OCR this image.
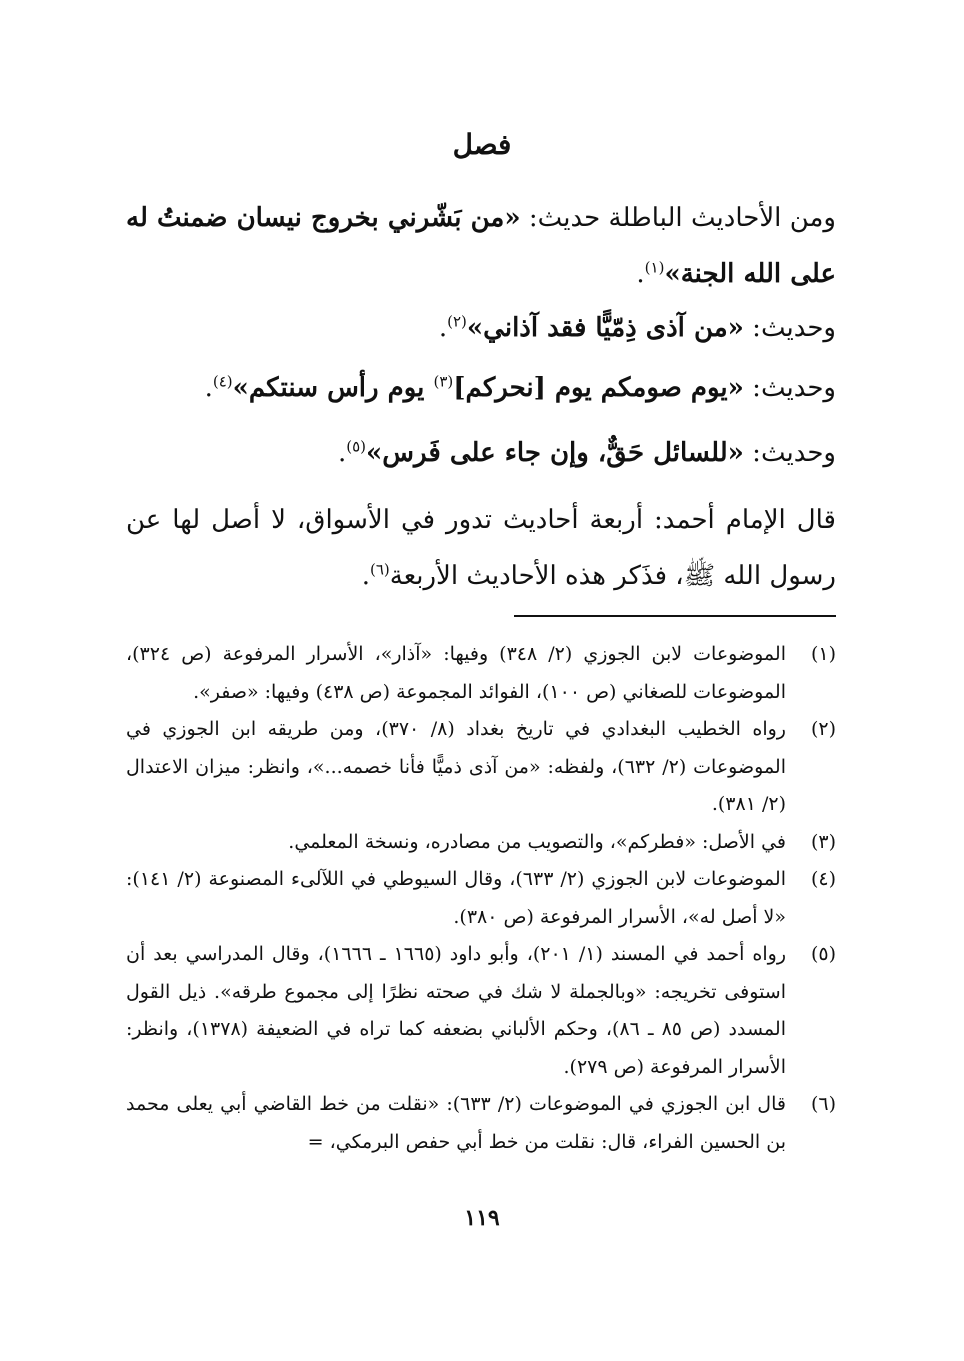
فصل

ومن الأحاديث الباطلة حديث: «من بَشّرني بخروج نيسان ضمنتُ له على الله الجنة»$^{(١)}$.

وحديث: «من آذى ذِمّيًّا فقد آذاني»$^{(٢)}$.

وحديث: «يوم صومكم يوم [نحركم]$^{(٣)}$ يوم رأس سنتكم»$^{(٤)}$.

وحديث: «للسائل حَقٌّ، وإن جاء على فَرس»$^{(٥)}$.

قال الإمام أحمد: أربعة أحاديث تدور في الأسواق، لا أصل لها عن رسول الله ﷺ، فذَكر هذه الأحاديث الأربعة$^{(٦)}$.

(١)
الموضوعات لابن الجوزي (٢/ ٣٤٨) وفيها: «آذار»، الأسرار المرفوعة (ص ٣٢٤)، الموضوعات للصغاني (ص ١٠٠)، الفوائد المجموعة (ص ٤٣٨) وفيها: «صفر».
(٢)
رواه الخطيب البغدادي في تاريخ بغداد (٨/ ٣٧٠)، ومن طريقه ابن الجوزي في الموضوعات (٢/ ٦٣٢)، ولفظه: «من آذى ذميًّا فأنا خصمه...»، وانظر: ميزان الاعتدال (٢/ ٣٨١).
(٣)
في الأصل: «فطركم»، والتصويب من مصادره، ونسخة المعلمي.
(٤)
الموضوعات لابن الجوزي (٢/ ٦٣٣)، وقال السيوطي في اللآلىء المصنوعة (٢/ ١٤١): «لا أصل له»، الأسرار المرفوعة (ص ٣٨٠).
(٥)
رواه أحمد في المسند (١/ ٢٠١)، وأبو داود (١٦٦٥ ـ ١٦٦٦)، وقال المدراسي بعد أن استوفى تخريجه: «وبالجملة لا شك في صحته نظرًا إلى مجموع طرقه». ذيل القول المسدد (ص ٨٥ ـ ٨٦)، وحكم الألباني بضعفه كما تراه في الضعيفة (١٣٧٨)، وانظر: الأسرار المرفوعة (ص ٢٧٩).
(٦)
قال ابن الجوزي في الموضوعات (٢/ ٦٣٣): «نقلت من خط القاضي أبي يعلى محمد بن الحسين الفراء، قال: نقلت من خط أبي حفص البرمكي، =
١١٩
